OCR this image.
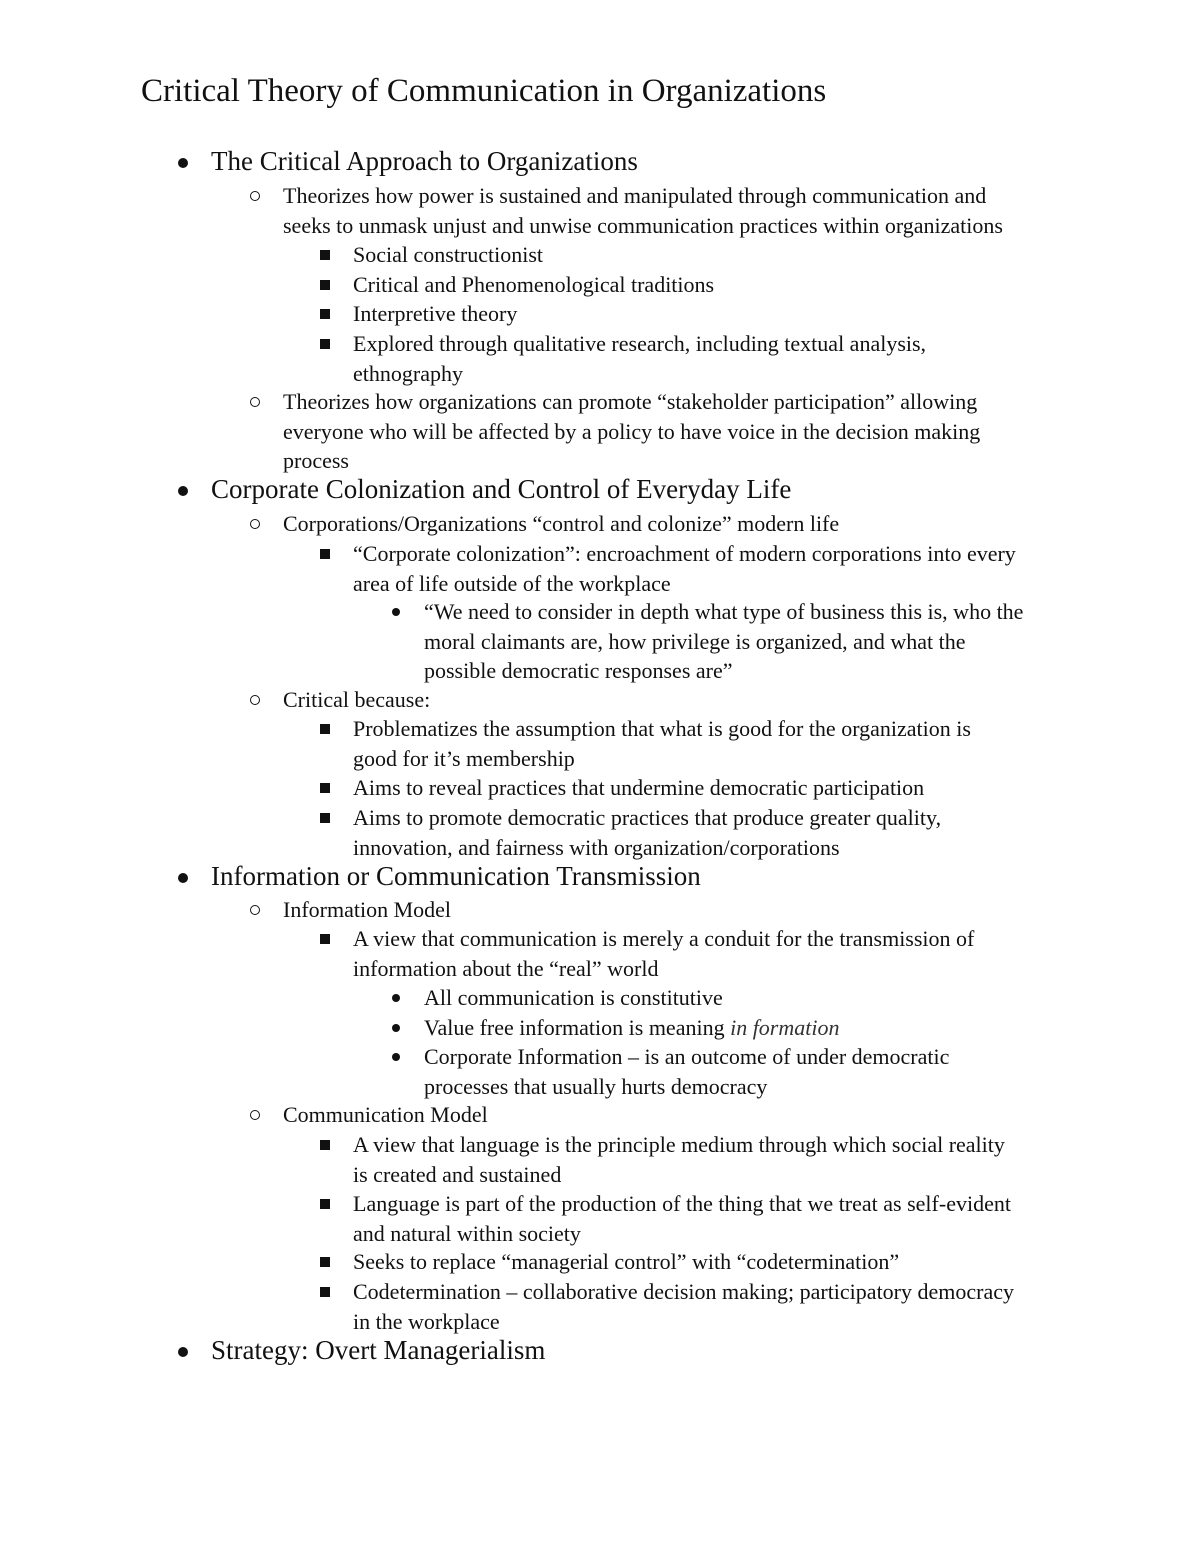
Critical Theory of Communication in Organizations
The Critical Approach to Organizations
Theorizes how power is sustained and manipulated through communication and
seeks to unmask unjust and unwise communication practices within organizations
Social constructionist
Critical and Phenomenological traditions
Interpretive theory
Explored through qualitative research, including textual analysis,
ethnography
Theorizes how organizations can promote “stakeholder participation” allowing
everyone who will be affected by a policy to have voice in the decision making
process
Corporate Colonization and Control of Everyday Life
Corporations/Organizations “control and colonize” modern life
“Corporate colonization”: encroachment of modern corporations into every
area of life outside of the workplace
“We need to consider in depth what type of business this is, who the
moral claimants are, how privilege is organized, and what the
possible democratic responses are”
Critical because:
Problematizes the assumption that what is good for the organization is
good for it’s membership
Aims to reveal practices that undermine democratic participation
Aims to promote democratic practices that produce greater quality,
innovation, and fairness with organization/corporations
Information or Communication Transmission
Information Model
A view that communication is merely a conduit for the transmission of
information about the “real” world
All communication is constitutive
Value free information is meaning in formation
Corporate Information – is an outcome of under democratic
processes that usually hurts democracy
Communication Model
A view that language is the principle medium through which social reality
is created and sustained
Language is part of the production of the thing that we treat as self-evident
and natural within society
Seeks to replace “managerial control” with “codetermination”
Codetermination – collaborative decision making; participatory democracy
in the workplace
Strategy: Overt Managerialism
